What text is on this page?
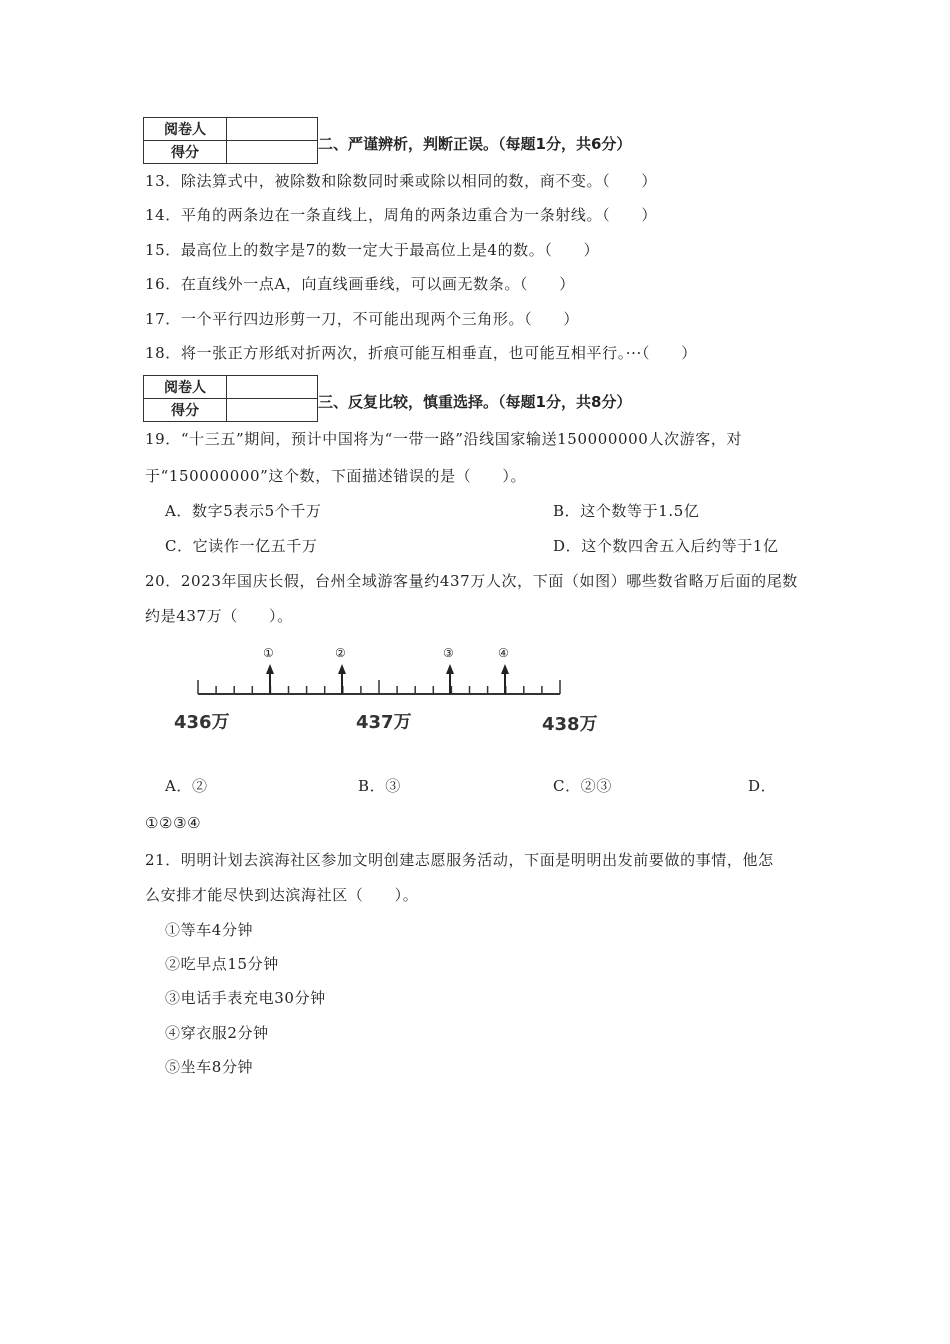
阅卷人	
得分		二、严谨辨析，判断正误。（每题1分，共6分）
13．除法算式中，被除数和除数同时乘或除以相同的数，商不变。（　　）
14．平角的两条边在一条直线上，周角的两条边重合为一条射线。（　　）
15．最高位上的数字是7的数一定大于最高位上是4的数。（　　）
16．在直线外一点A，向直线画垂线，可以画无数条。（　　）
17．一个平行四边形剪一刀，不可能出现两个三角形。（　　）
18．将一张正方形纸对折两次，折痕可能互相垂直，也可能互相平行。···（　　）
阅卷人	
得分		三、反复比较，慎重选择。（每题1分，共8分）
19．“十三五”期间，预计中国将为“一带一路”沿线国家输送150000000人次游客，对
于“150000000”这个数，下面描述错误的是（　　）。
A．数字5表示5个千万	B．这个数等于1.5亿
C．它读作一亿五千万	D．这个数四舍五入后约等于1亿
20．2023年国庆长假，台州全域游客量约437万人次，下面（如图）哪些数省略万后面的尾数
约是437万（　　）。
①	②	③	④
436万	437万	438万
A．②	B．③	C．②③	D．
①②③④
21．明明计划去滨海社区参加文明创建志愿服务活动，下面是明明出发前要做的事情，他怎
么安排才能尽快到达滨海社区（　　）。
①等车4分钟
②吃早点15分钟
③电话手表充电30分钟
④穿衣服2分钟
⑤坐车8分钟
